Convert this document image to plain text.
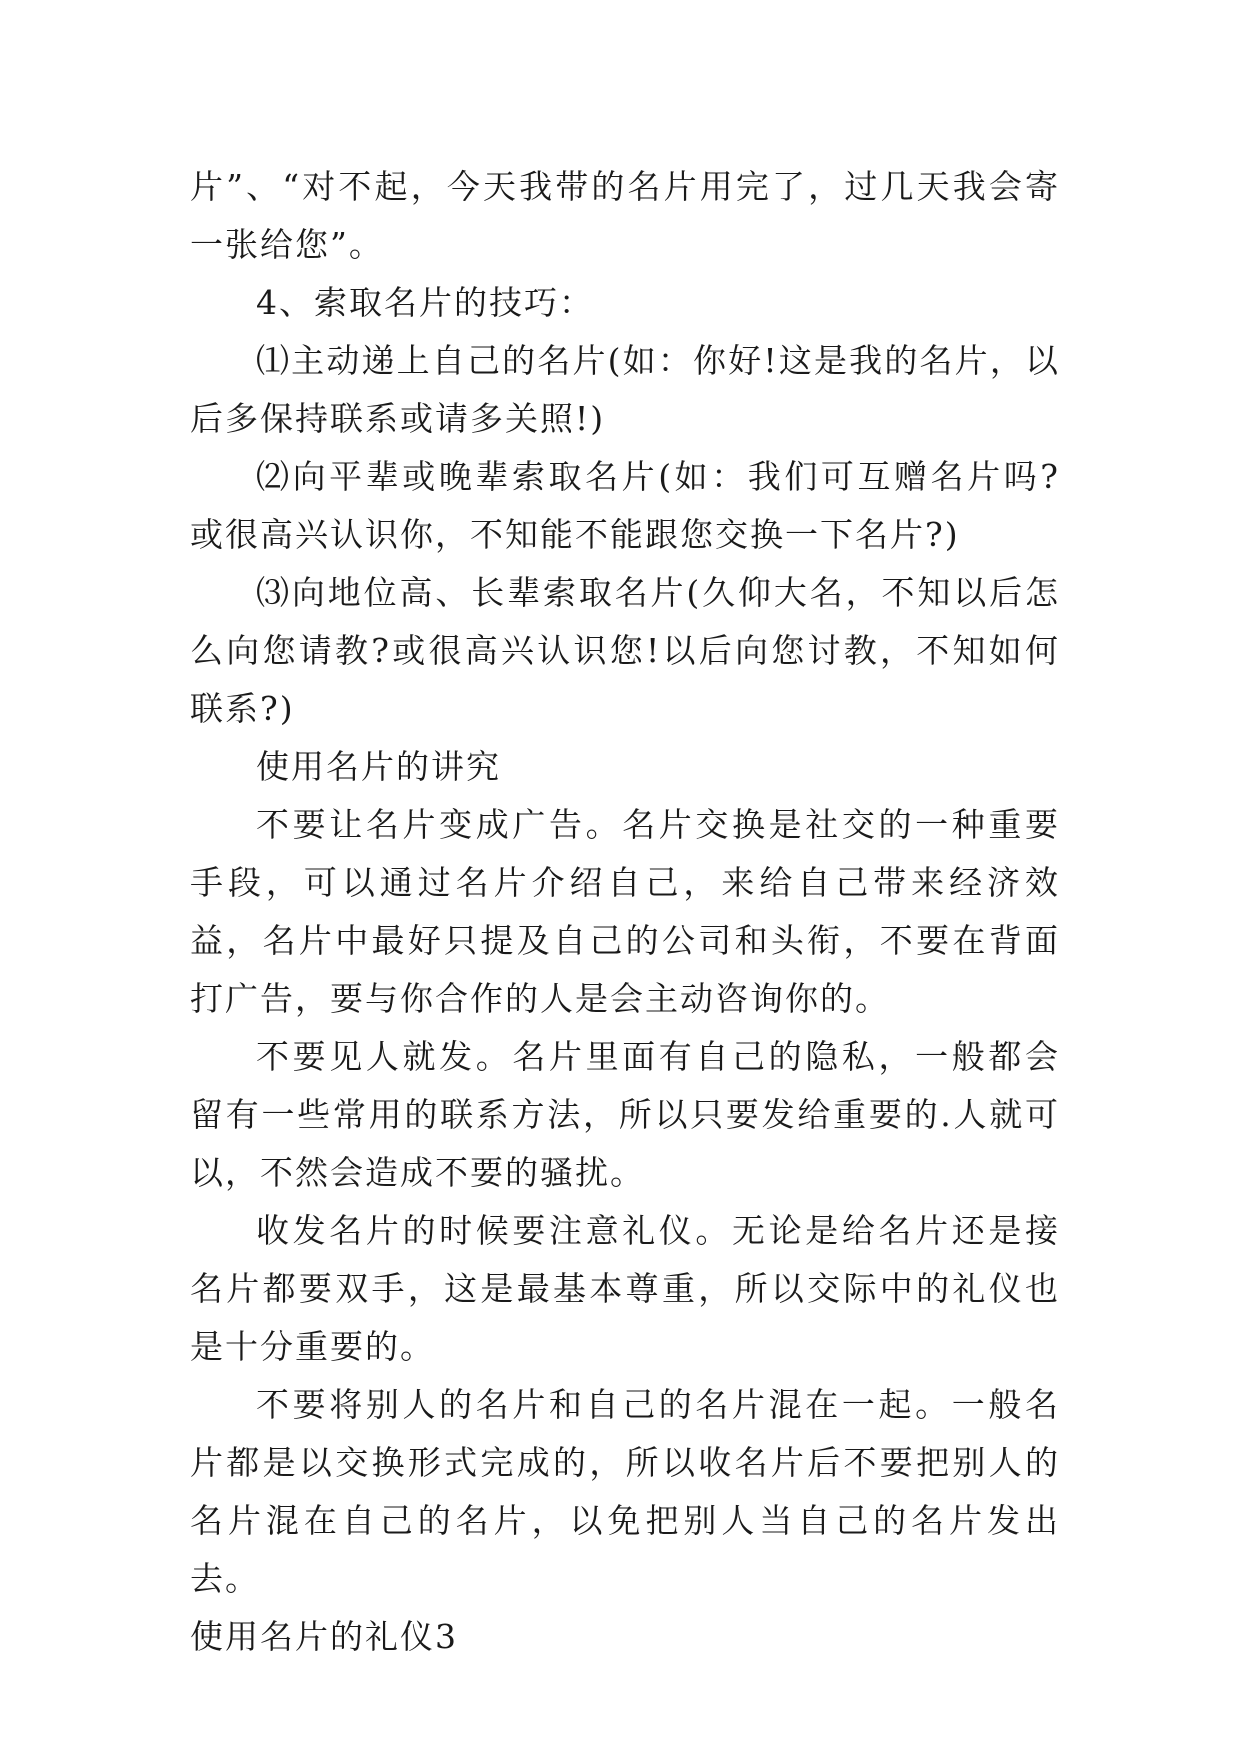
片”、“对不起，今天我带的名片用完了，过几天我会寄一张给您”。

4、索取名片的技巧：

⑴主动递上自己的名片(如：你好!这是我的名片，以后多保持联系或请多关照!)

⑵向平辈或晚辈索取名片(如：我们可互赠名片吗?或很高兴认识你，不知能不能跟您交换一下名片?)

⑶向地位高、长辈索取名片(久仰大名，不知以后怎么向您请教?或很高兴认识您!以后向您讨教，不知如何联系?)

使用名片的讲究

不要让名片变成广告。名片交换是社交的一种重要手段，可以通过名片介绍自己，来给自己带来经济效益，名片中最好只提及自己的公司和头衔，不要在背面打广告，要与你合作的人是会主动咨询你的。

不要见人就发。名片里面有自己的隐私，一般都会留有一些常用的联系方法，所以只要发给重要的.人就可以，不然会造成不要的骚扰。

收发名片的时候要注意礼仪。无论是给名片还是接名片都要双手，这是最基本尊重，所以交际中的礼仪也是十分重要的。

不要将别人的名片和自己的名片混在一起。一般名片都是以交换形式完成的，所以收名片后不要把别人的名片混在自己的名片，以免把别人当自己的名片发出去。

使用名片的礼仪3
